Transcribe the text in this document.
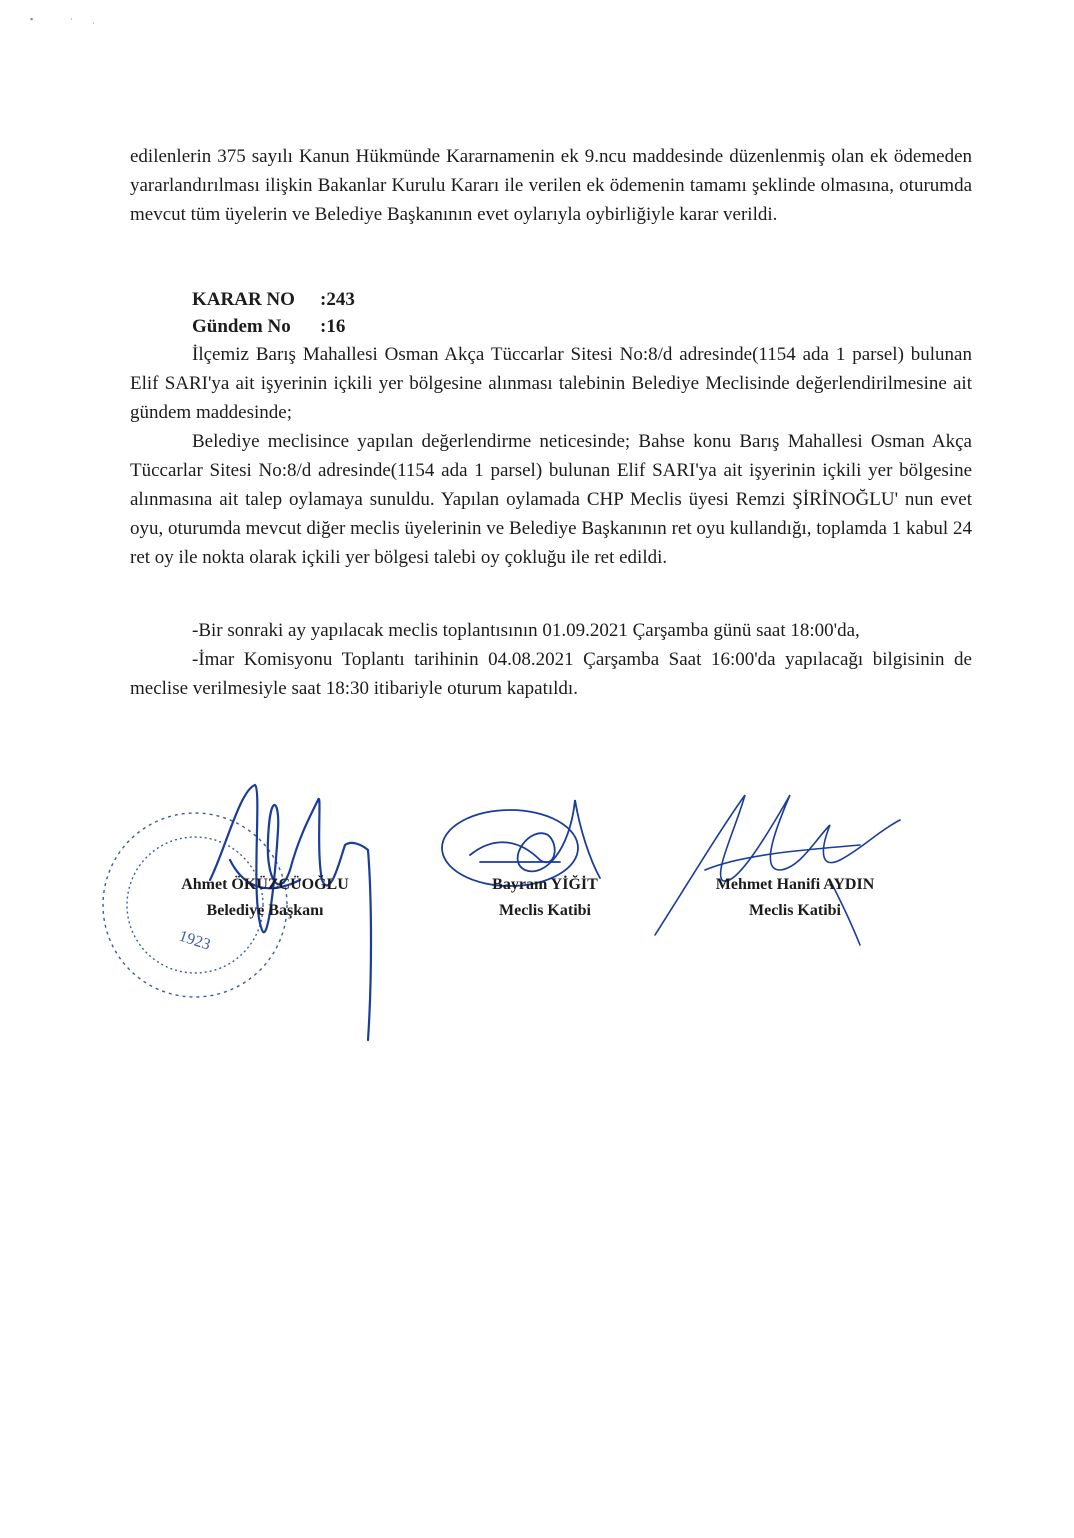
▪	· ˌ

edilenlerin 375 sayılı Kanun Hükmünde Kararnamenin ek 9.ncu maddesinde düzenlenmiş olan ek ödemeden yararlandırılması ilişkin Bakanlar Kurulu Kararı ile verilen ek ödemenin tamamı şeklinde olmasına, oturumda mevcut tüm üyelerin ve Belediye Başkanının evet oylarıyla oybirliğiyle karar verildi.

KARAR NO	:243
Gündem No	:16

İlçemiz Barış Mahallesi Osman Akça Tüccarlar Sitesi No:8/d adresinde(1154 ada 1 parsel) bulunan Elif SARI'ya ait işyerinin içkili yer bölgesine alınması talebinin Belediye Meclisinde değerlendirilmesine ait gündem maddesinde;

Belediye meclisince yapılan değerlendirme neticesinde; Bahse konu Barış Mahallesi Osman Akça Tüccarlar Sitesi No:8/d adresinde(1154 ada 1 parsel) bulunan Elif SARI'ya ait işyerinin içkili yer bölgesine alınmasına ait talep oylamaya sunuldu. Yapılan oylamada CHP Meclis üyesi Remzi ŞİRİNOĞLU' nun evet oyu, oturumda mevcut diğer meclis üyelerinin ve Belediye Başkanının ret oyu kullandığı, toplamda 1 kabul 24 ret oy ile nokta olarak içkili yer bölgesi talebi oy çokluğu ile ret edildi.

-Bir sonraki ay yapılacak meclis toplantısının 01.09.2021 Çarşamba günü saat 18:00'da,

-İmar Komisyonu Toplantı tarihinin 04.08.2021 Çarşamba Saat 16:00'da yapılacağı bilgisinin de meclise verilmesiyle saat 18:30 itibariyle oturum kapatıldı.

1923
Ahmet ÖKÜZCÜOĞLU
Belediye Başkanı
Bayram YİĞİT
Meclis Katibi
Mehmet Hanifi AYDIN
Meclis Katibi
